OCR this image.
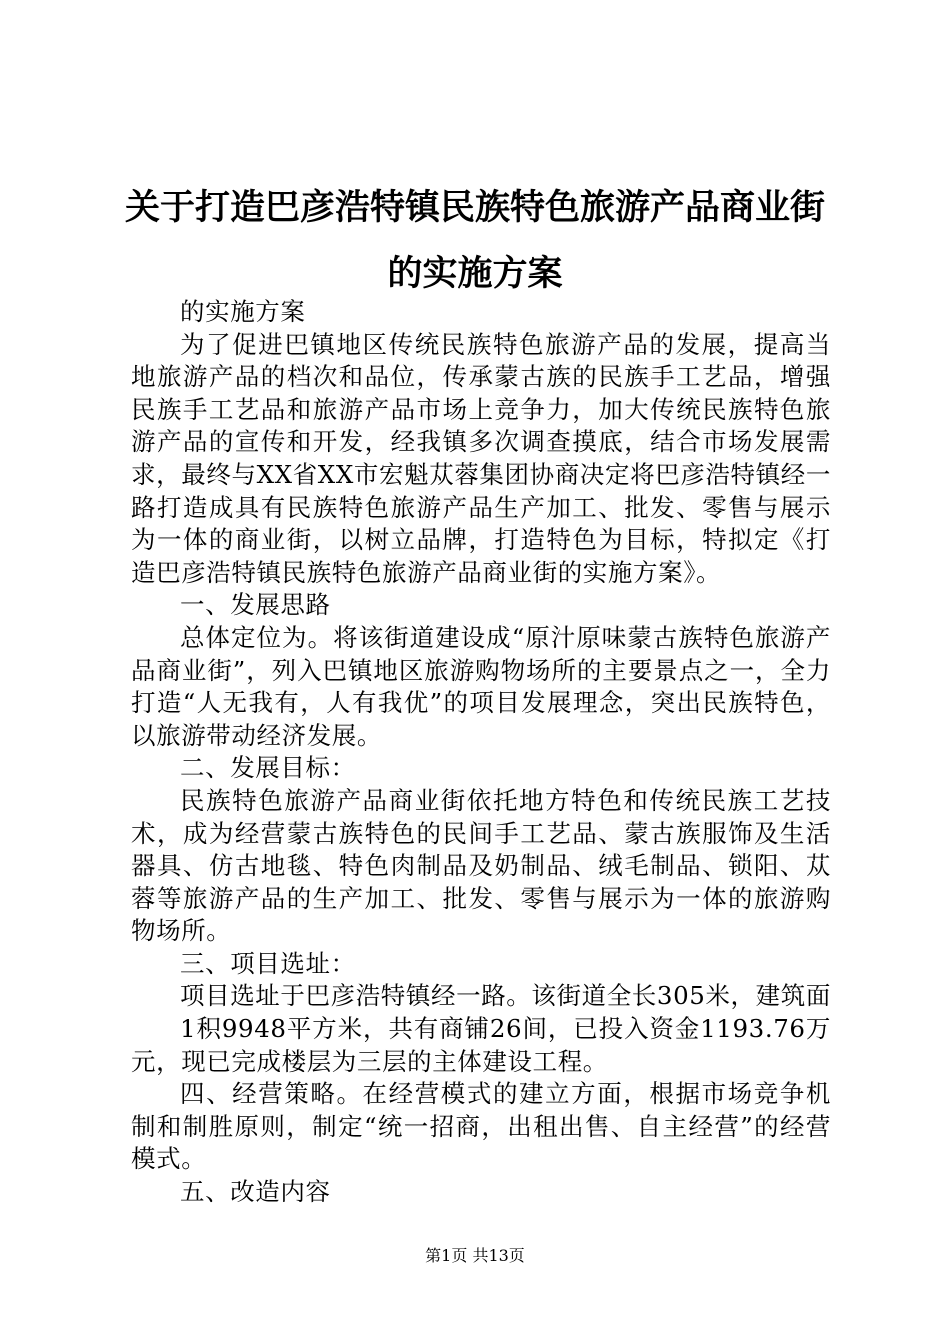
关于打造巴彦浩特镇民族特色旅游产品商业街
的实施方案

的实施方案

为了促进巴镇地区传统民族特色旅游产品的发展，提高当地旅游产品的档次和品位，传承蒙古族的民族手工艺品，增强民族手工艺品和旅游产品市场上竞争力，加大传统民族特色旅游产品的宣传和开发，经我镇多次调查摸底，结合市场发展需求，最终与XX省XX市宏魁苁蓉集团协商决定将巴彦浩特镇经一路打造成具有民族特色旅游产品生产加工、批发、零售与展示为一体的商业街，以树立品牌，打造特色为目标，特拟定《打造巴彦浩特镇民族特色旅游产品商业街的实施方案》。

一、发展思路

总体定位为。将该街道建设成“原汁原味蒙古族特色旅游产品商业街”，列入巴镇地区旅游购物场所的主要景点之一，全力打造“人无我有，人有我优”的项目发展理念，突出民族特色，以旅游带动经济发展。

二、发展目标：

民族特色旅游产品商业街依托地方特色和传统民族工艺技术，成为经营蒙古族特色的民间手工艺品、蒙古族服饰及生活器具、仿古地毯、特色肉制品及奶制品、绒毛制品、锁阳、苁蓉等旅游产品的生产加工、批发、零售与展示为一体的旅游购物场所。

三、项目选址：

项目选址于巴彦浩特镇经一路。该街道全长305米，建筑面

1积9948平方米，共有商铺26间，已投入资金1193.76万元，现已完成楼层为三层的主体建设工程。

四、经营策略。在经营模式的建立方面，根据市场竞争机制和制胜原则，制定“统一招商，出租出售、自主经营”的经营模式。

五、改造内容

第1页 共13页
